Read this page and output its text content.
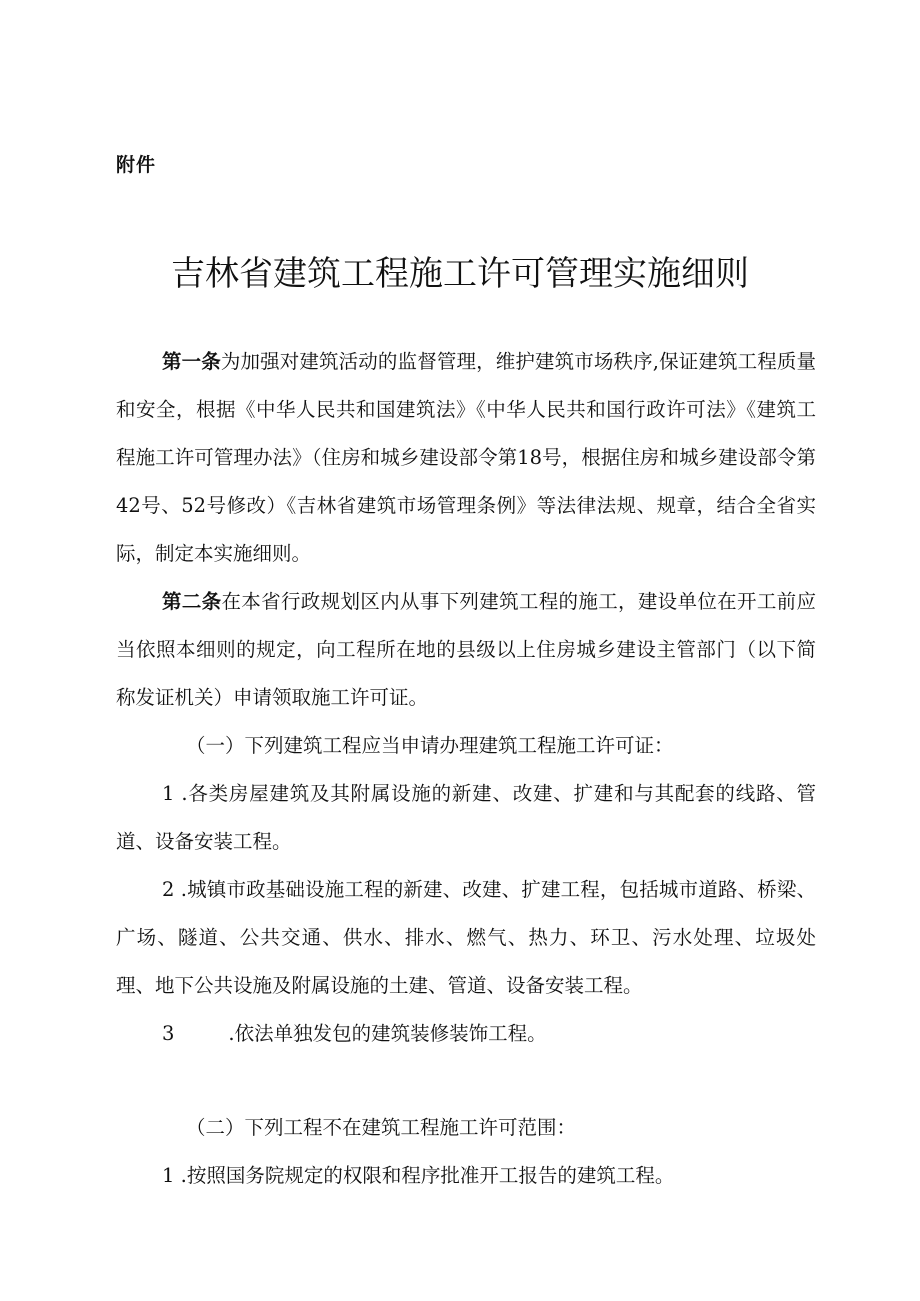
附件
吉林省建筑工程施工许可管理实施细则

第一条为加强对建筑活动的监督管理，维护建筑市场秩序,保证建筑工程质量和安全，根据《中华人民共和国建筑法》《中华人民共和国行政许可法》《建筑工程施工许可管理办法》（住房和城乡建设部令第18号，根据住房和城乡建设部令第42号、52号修改）《吉林省建筑市场管理条例》等法律法规、规章，结合全省实际，制定本实施细则。

第二条在本省行政规划区内从事下列建筑工程的施工，建设单位在开工前应当依照本细则的规定，向工程所在地的县级以上住房城乡建设主管部门（以下简称发证机关）申请领取施工许可证。

（一）下列建筑工程应当申请办理建筑工程施工许可证：

1 .各类房屋建筑及其附属设施的新建、改建、扩建和与其配套的线路、管道、设备安装工程。

2 .城镇市政基础设施工程的新建、改建、扩建工程，包括城市道路、桥梁、广场、隧道、公共交通、供水、排水、燃气、热力、环卫、污水处理、垃圾处理、地下公共设施及附属设施的土建、管道、设备安装工程。

3	.依法单独发包的建筑装修装饰工程。

（二）下列工程不在建筑工程施工许可范围：

1 .按照国务院规定的权限和程序批准开工报告的建筑工程。
